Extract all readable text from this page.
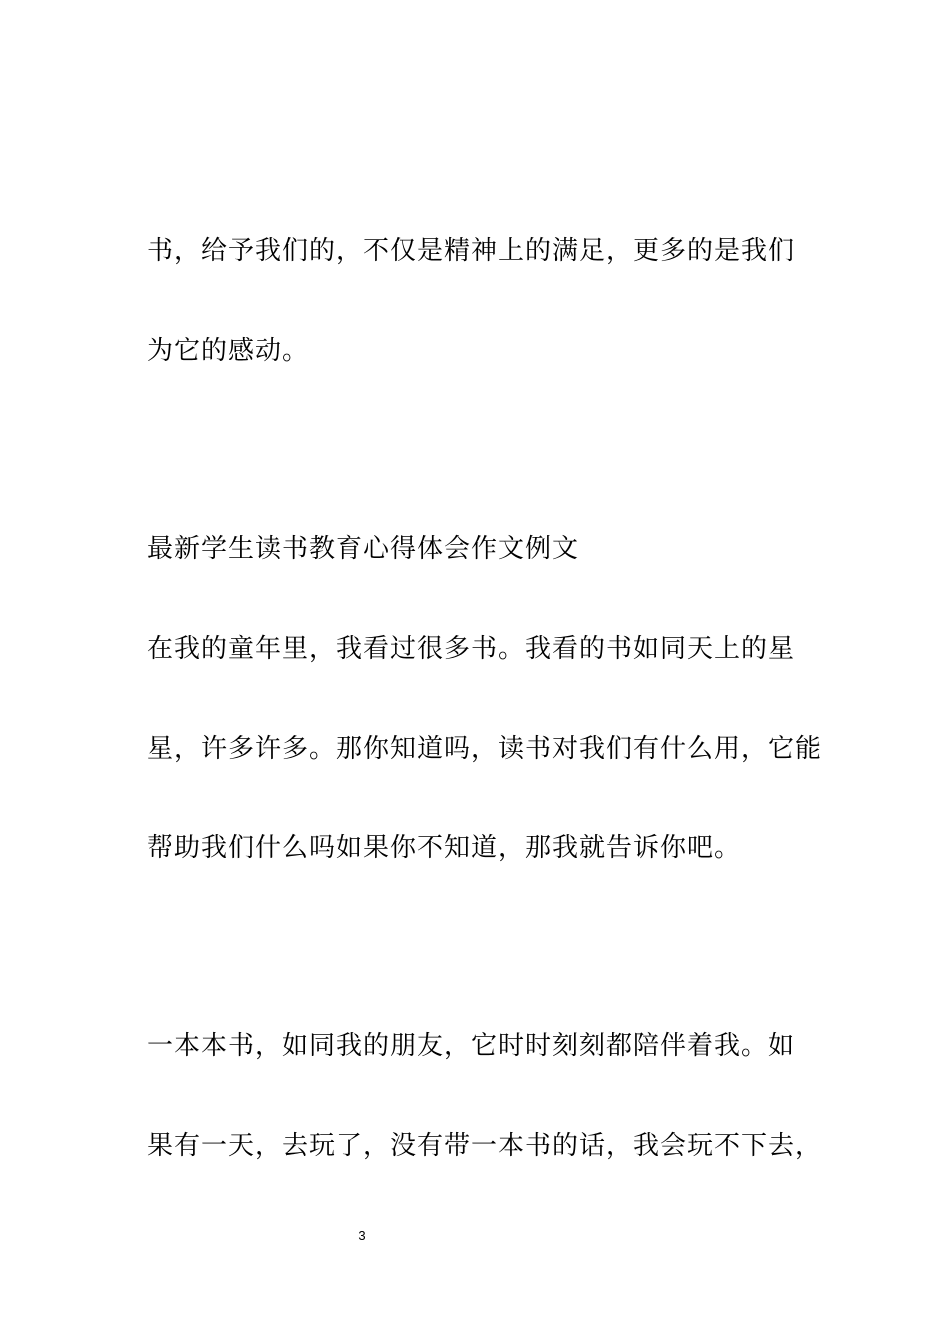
书，给予我们的，不仅是精神上的满足，更多的是我们
为它的感动。
最新学生读书教育心得体会作文例文
在我的童年里，我看过很多书。我看的书如同天上的星
星，许多许多。那你知道吗，读书对我们有什么用，它能
帮助我们什么吗如果你不知道，那我就告诉你吧。
一本本书，如同我的朋友，它时时刻刻都陪伴着我。如
果有一天，去玩了，没有带一本书的话，我会玩不下去，
3
